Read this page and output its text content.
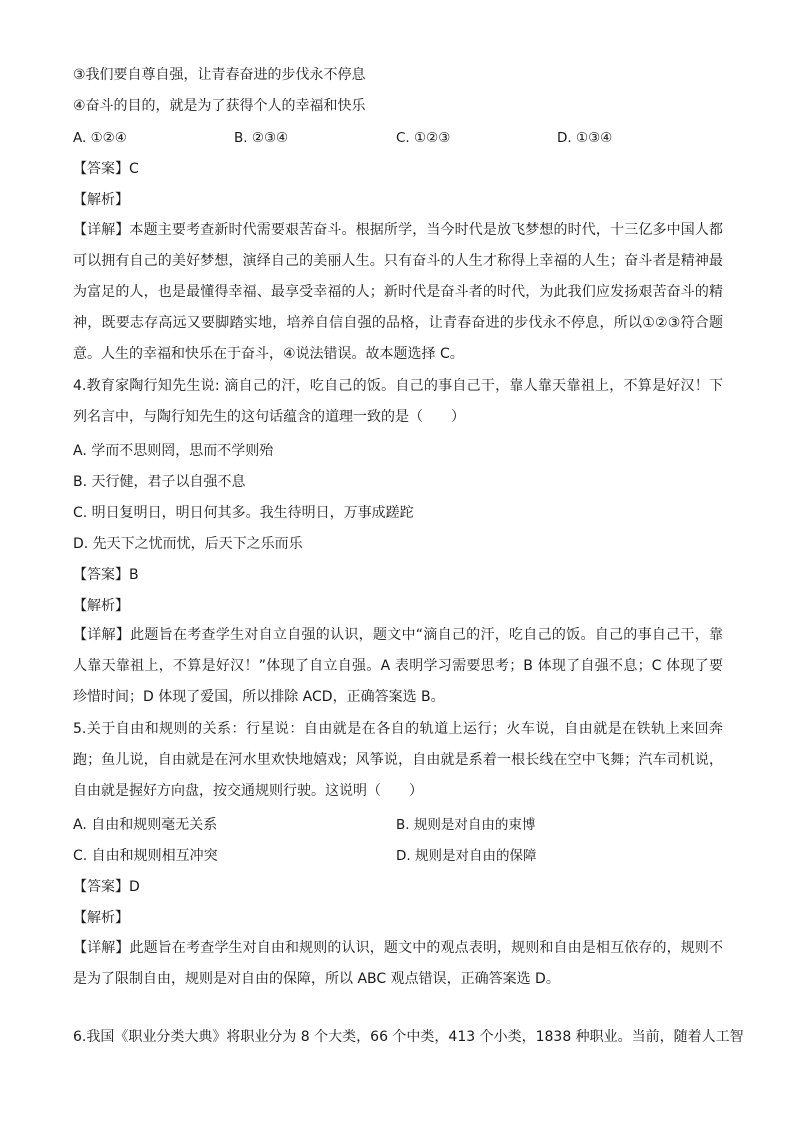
③我们要自尊自强，让青春奋进的步伐永不停息
④奋斗的目的，就是为了获得个人的幸福和快乐
A. ①②④	B. ②③④	C. ①②③	D. ①③④
【答案】C
【解析】
【详解】本题主要考查新时代需要艰苦奋斗。根据所学，当今时代是放飞梦想的时代，十三亿多中国人都可以拥有自己的美好梦想，演绎自己的美丽人生。只有奋斗的人生才称得上幸福的人生；奋斗者是精神最为富足的人，也是最懂得幸福、最享受幸福的人；新时代是奋斗者的时代，为此我们应发扬艰苦奋斗的精神，既要志存高远又要脚踏实地，培养自信自强的品格，让青春奋进的步伐永不停息，所以①②③符合题意。人生的幸福和快乐在于奋斗，④说法错误。故本题选择 C。
4.教育家陶行知先生说: 滴自己的汗，吃自己的饭。自己的事自己干，靠人靠天靠祖上，不算是好汉！下列名言中，与陶行知先生的这句话蕴含的道理一致的是（　　）
A. 学而不思则罔，思而不学则殆
B. 天行健，君子以自强不息
C. 明日复明日，明日何其多。我生待明日，万事成蹉跎
D. 先天下之忧而忧，后天下之乐而乐
【答案】B
【解析】
【详解】此题旨在考查学生对自立自强的认识，题文中“滴自己的汗，吃自己的饭。自己的事自己干，靠人靠天靠祖上，不算是好汉！”体现了自立自强。A 表明学习需要思考；B 体现了自强不息；C 体现了要珍惜时间；D 体现了爱国，所以排除 ACD，正确答案选 B。
5.关于自由和规则的关系：行星说：自由就是在各自的轨道上运行；火车说，自由就是在铁轨上来回奔跑；鱼儿说，自由就是在河水里欢快地嬉戏；风筝说，自由就是系着一根长线在空中飞舞；汽车司机说，自由就是握好方向盘，按交通规则行驶。这说明（　　）
A. 自由和规则毫无关系	B. 规则是对自由的束博
C. 自由和规则相互冲突	D. 规则是对自由的保障
【答案】D
【解析】
【详解】此题旨在考查学生对自由和规则的认识，题文中的观点表明，规则和自由是相互依存的，规则不是为了限制自由，规则是对自由的保障，所以 ABC 观点错误，正确答案选 D。
6.我国《职业分类大典》将职业分为 8 个大类，66 个中类，413 个小类，1838 种职业。当前，随着人工智
